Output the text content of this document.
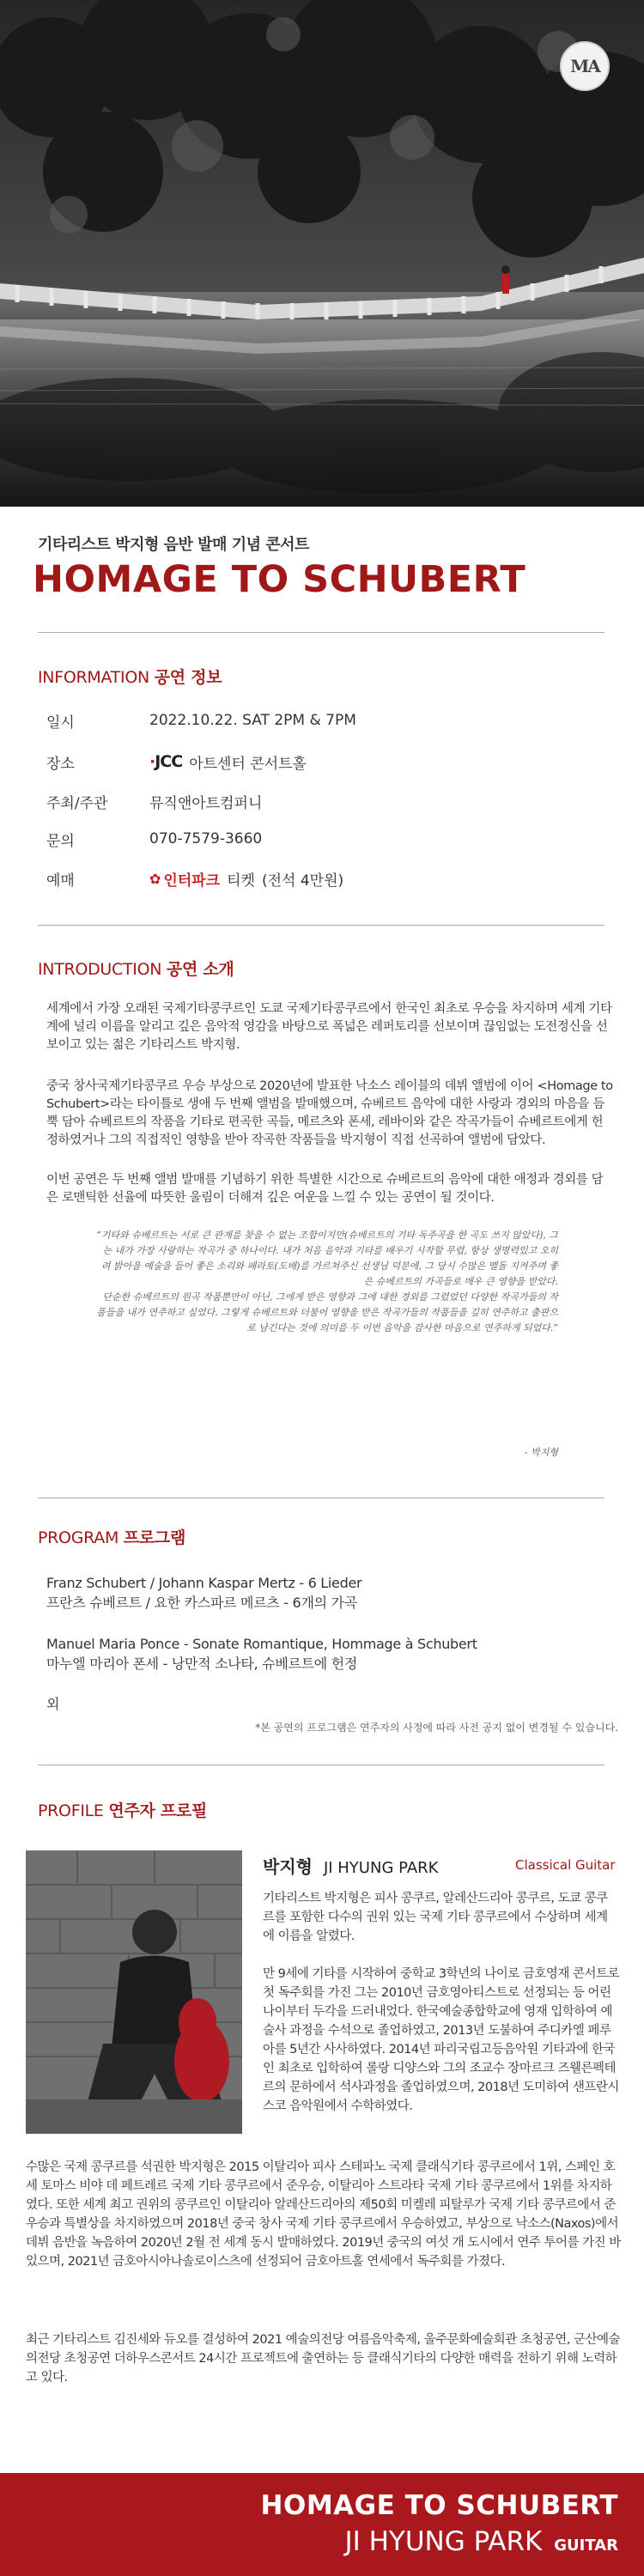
MA
기타리스트 박지형 음반 발매 기념 콘서트
HOMAGE TO SCHUBERT
INFORMATION 공연 정보
일시	2022.10.22. SAT 2PM & 7PM
장소	·JCC 아트센터 콘서트홀
주최/주관	뮤직앤아트컴퍼니
문의	070-7579-3660
예매	✿ 인터파크 티켓 (전석 4만원)
INTRODUCTION 공연 소개
세계에서 가장 오래된 국제기타콩쿠르인 도쿄 국제기타콩쿠르에서 한국인 최초로 우승을 차지하며 세계 기타계에 널리 이름을 알리고 깊은 음악적 영감을 바탕으로 폭넓은 레퍼토리를 선보이며 끊임없는 도전정신을 선보이고 있는 젊은 기타리스트 박지형.
중국 창사국제기타콩쿠르 우승 부상으로 2020년에 발표한 낙소스 레이블의 데뷔 앨범에 이어 <Homage to Schubert>라는 타이틀로 생애 두 번째 앨범을 발매했으며, 슈베르트 음악에 대한 사랑과 경외의 마음을 듬뿍 담아 슈베르트의 작품을 기타로 편곡한 곡들, 메르츠와 폰세, 레바이와 같은 작곡가들이 슈베르트에게 헌정하였거나 그의 직접적인 영향을 받아 작곡한 작품들을 박지형이 직접 선곡하여 앨범에 담았다.
이번 공연은 두 번째 앨범 발매를 기념하기 위한 특별한 시간으로 슈베르트의 음악에 대한 애정과 경외를 담은 로맨틱한 선율에 따뜻한 울림이 더해져 깊은 여운을 느낄 수 있는 공연이 될 것이다.
“기타와 슈베르트는 서로 큰 관계를 찾을 수 없는 조합이지만(슈베르트의 기타 독주곡을 한 곡도 쓰지 않았다), 그는 내가 가장 사랑하는 작곡가 중 하나이다. 내가 처음 음악과 기타를 배우기 시작할 무렵, 항상 생명력있고 오히려 밝아을 예술을 들어 좋은 소리와 페라토(도배)를 가르쳐주신 선생님 덕분에, 그 당시 수많은 멜돌 지켜주며 좋은 슈베르트의 가곡들로 매우 큰 영향을 받았다.
단순한 슈베르트의 원곡 작품뿐만이 아닌, 그에게 받은 영향과 그에 대한 경외를 그렸었던 다양한 작곡가들의 작품들을 내가 연주하고 싶었다. 그렇게 슈베르트와 더불어 영향을 받은 작곡가들의 작품들을 깊히 연주하고 출판으로 남긴다는 것에 의미를 두 이번 음악을 감사한 마음으로 연주하게 되었다.”
- 박지형
PROGRAM 프로그램
Franz Schubert / Johann Kaspar Mertz - 6 Lieder
프란츠 슈베르트 / 요한 카스파르 메르츠 - 6개의 가곡
Manuel Maria Ponce - Sonate Romantique, Hommage à Schubert
마누엘 마리아 폰세 - 낭만적 소나타, 슈베르트에 헌정
외
*본 공연의 프로그램은 연주자의 사정에 따라 사전 공지 없이 변경될 수 있습니다.
PROFILE 연주자 프로필
박지형 JI HYUNG PARK	Classical Guitar

기타리스트 박지형은 피사 콩쿠르, 알레산드리아 콩쿠르, 도쿄 콩쿠르를 포함한 다수의 권위 있는 국제 기타 콩쿠르에서 수상하며 세계에 이름을 알렸다.

만 9세에 기타를 시작하여 중학교 3학년의 나이로 금호영재 콘서트로 첫 독주회를 가진 그는 2010년 금호영아티스트로 선정되는 등 어린 나이부터 두각을 드러내었다. 한국예술종합학교에 영재 입학하여 예술사 과정을 수석으로 졸업하였고, 2013년 도불하여 주디카엘 페루아를 5년간 사사하였다. 2014년 파리국립고등음악원 기타과에 한국인 최초로 입학하여 롤랑 디양스와 그의 조교수 장마르크 즈웰른펙테르의 문하에서 석사과정을 졸업하였으며, 2018년 도미하여 샌프란시스코 음악원에서 수학하였다.

수많은 국제 콩쿠르를 석권한 박지형은 2015 이탈리아 피사 스테파노 국제 클래식기타 콩쿠르에서 1위, 스페인 호세 토마스 비야 데 페트레르 국제 기타 콩쿠르에서 준우승, 이탈리아 스트라타 국제 기타 콩쿠르에서 1위를 차지하였다. 또한 세계 최고 권위의 콩쿠르인 이탈리아 알레산드리아의 제50회 미켈레 피탈루가 국제 기타 콩쿠르에서 준우승과 특별상을 차지하였으며 2018년 중국 창사 국제 기타 콩쿠르에서 우승하였고, 부상으로 낙소스(Naxos)에서 데뷔 음반을 녹음하여 2020년 2월 전 세계 동시 발매하였다. 2019년 중국의 여섯 개 도시에서 연주 투어를 가진 바 있으며, 2021년 금호아시아나솔로이스츠에 선정되어 금호아트홀 연세에서 독주회를 가졌다.
최근 기타리스트 김진세와 듀오를 결성하여 2021 예술의전당 여름음악축제, 울주문화예술회관 초청공연, 군산예술의전당 초청공연 더하우스콘서트 24시간 프로젝트에 출연하는 등 클래식기타의 다양한 매력을 전하기 위해 노력하고 있다.
HOMAGE TO SCHUBERT
JI HYUNG PARK GUITAR
